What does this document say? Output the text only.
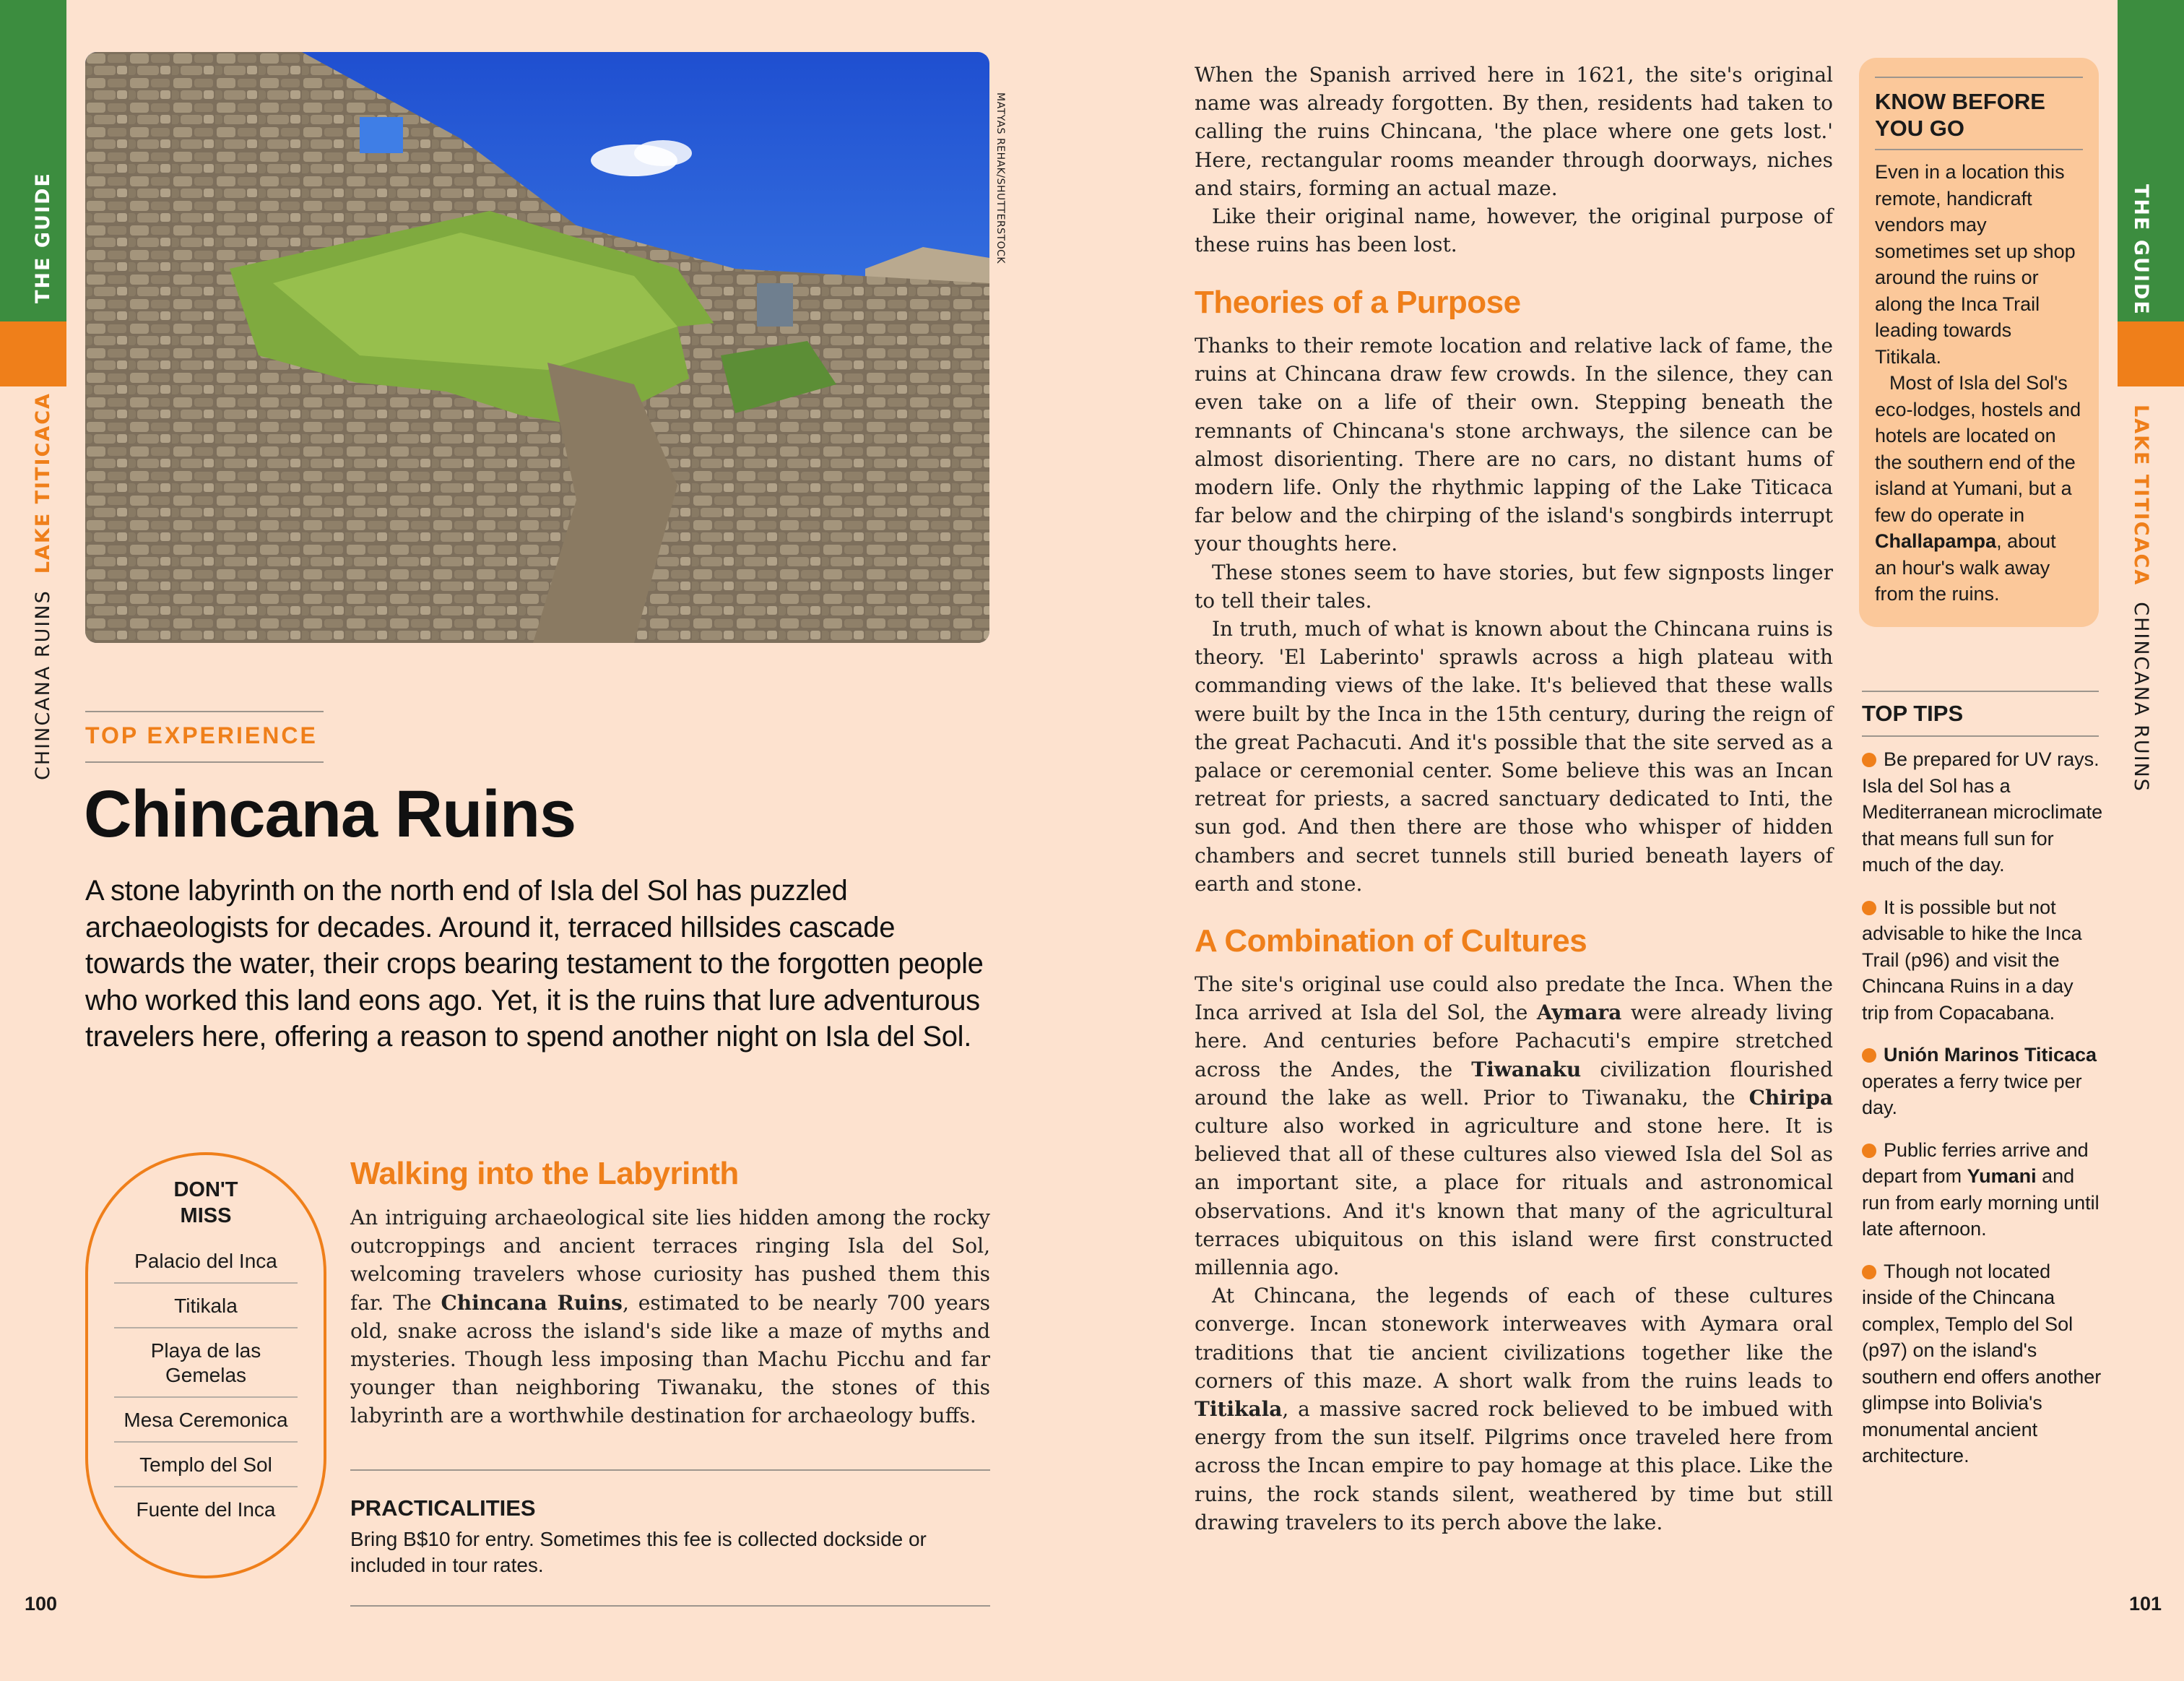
THE GUIDE
CHINCANA RUINSLAKE TITICACA
THE GUIDE
LAKE TITICACACHINCANA RUINS
MATYAS REHAK/SHUTTERSTOCK
TOP EXPERIENCE
Chincana Ruins
A stone labyrinth on the north end of Isla del Sol has puzzled archaeologists for decades. Around it, terraced hillsides cascade towards the water, their crops bearing testament to the forgotten people who worked this land eons ago. Yet, it is the ruins that lure adventurous travelers here, offering a reason to spend another night on Isla del Sol.
DON'T MISS
Palacio del Inca
Titikala
Playa de las Gemelas
Mesa Ceremonica
Templo del Sol
Fuente del Inca
Walking into the Labyrinth

An intriguing archaeological site lies hidden among the rocky outcroppings and ancient terraces ringing Isla del Sol, welcoming travelers whose curiosity has pushed them this far. The Chincana Ruins, estimated to be nearly 700 years old, snake across the island's side like a maze of myths and mysteries. Though less imposing than Machu Picchu and far younger than neighboring Tiwanaku, the stones of this labyrinth are a worthwhile destination for archaeology buffs.

PRACTICALITIES
Bring B$10 for entry. Sometimes this fee is collected dockside or included in tour rates.
100	101

When the Spanish arrived here in 1621, the site's original name was already forgotten. By then, residents had taken to calling the ruins Chincana, 'the place where one gets lost.' Here, rectangular rooms meander through doorways, niches and stairs, forming an actual maze.

Like their original name, however, the original purpose of these ruins has been lost.

Theories of a Purpose

Thanks to their remote location and relative lack of fame, the ruins at Chincana draw few crowds. In the silence, they can even take on a life of their own. Stepping beneath the remnants of Chincana's stone archways, the silence can be almost disorienting. There are no cars, no distant hums of modern life. Only the rhythmic lapping of the Lake Titicaca far below and the chirping of the island's songbirds interrupt your thoughts here.

These stones seem to have stories, but few signposts linger to tell their tales.

In truth, much of what is known about the Chincana ruins is theory. 'El Laberinto' sprawls across a high plateau with commanding views of the lake. It's believed that these walls were built by the Inca in the 15th century, during the reign of the great Pachacuti. And it's possible that the site served as a palace or ceremonial center. Some believe this was an Incan retreat for priests, a sacred sanctuary dedicated to Inti, the sun god. And then there are those who whisper of hidden chambers and secret tunnels still buried beneath layers of earth and stone.

A Combination of Cultures

The site's original use could also predate the Inca. When the Inca arrived at Isla del Sol, the Aymara were already living here. And centuries before Pachacuti's empire stretched across the Andes, the Tiwanaku civilization flourished around the lake as well. Prior to Tiwanaku, the Chiripa culture also worked in agriculture and stone here. It is believed that all of these cultures also viewed Isla del Sol as an important site, a place for rituals and astronomical observations. And it's known that many of the agricultural terraces ubiquitous on this island were first constructed millennia ago.

At Chincana, the legends of each of these cultures converge. Incan stonework interweaves with Aymara oral traditions that tie ancient civilizations together like the corners of this maze. A short walk from the ruins leads to Titikala, a massive sacred rock believed to be imbued with energy from the sun itself. Pilgrims once traveled here from across the Incan empire to pay homage at this place. Like the ruins, the rock stands silent, weathered by time but still drawing travelers to its perch above the lake.

KNOW BEFORE YOU GO
Even in a location this remote, handicraft vendors may sometimes set up shop around the ruins or along the Inca Trail leading towards Titikala.
Most of Isla del Sol's eco-lodges, hostels and hotels are located on the southern end of the island at Yumani, but a few do operate in Challapampa, about an hour's walk away from the ruins.
TOP TIPS
Be prepared for UV rays. Isla del Sol has a Mediterranean microclimate that means full sun for much of the day.
It is possible but not advisable to hike the Inca Trail (p96) and visit the Chincana Ruins in a day trip from Copacabana.
Unión Marinos Titicaca operates a ferry twice per day.
Public ferries arrive and depart from Yumani and run from early morning until late afternoon.
Though not located inside of the Chincana complex, Templo del Sol (p97) on the island's southern end offers another glimpse into Bolivia's monumental ancient architecture.
